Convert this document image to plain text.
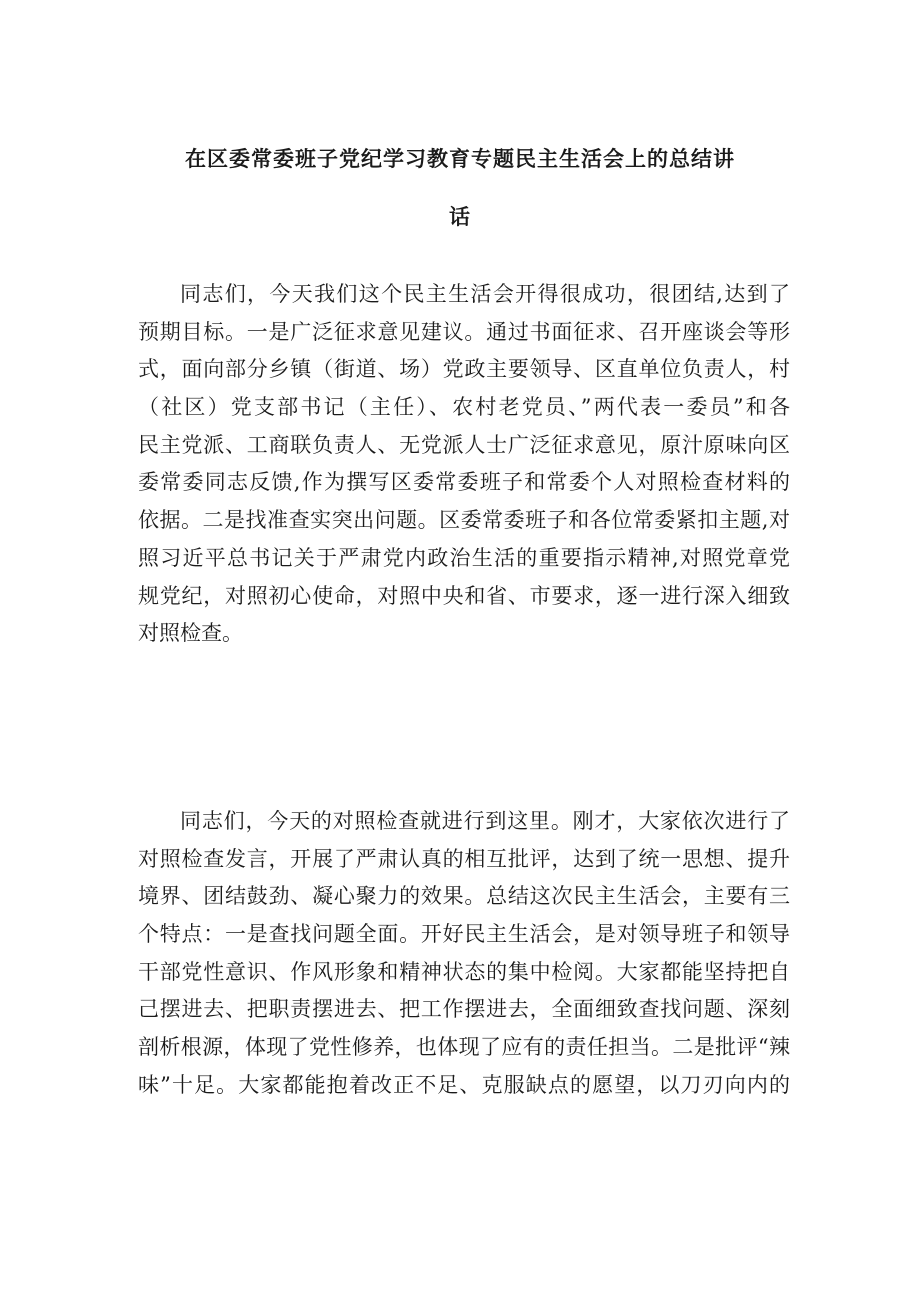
在区委常委班子党纪学习教育专题民主生活会上的总结讲
话
同志们，今天我们这个民主生活会开得很成功，很团结,达到了
预期目标。一是广泛征求意见建议。通过书面征求、召开座谈会等形
式，面向部分乡镇（街道、场）党政主要领导、区直单位负责人，村
（社区）党支部书记（主任）、农村老党员、”两代表一委员”和各
民主党派、工商联负责人、无党派人士广泛征求意见，原汁原味向区
委常委同志反馈,作为撰写区委常委班子和常委个人对照检查材料的
依据。二是找准查实突出问题。区委常委班子和各位常委紧扣主题,对
照习近平总书记关于严肃党内政治生活的重要指示精神,对照党章党
规党纪，对照初心使命，对照中央和省、市要求，逐一进行深入细致
对照检查。
同志们，今天的对照检查就进行到这里。刚才，大家依次进行了
对照检查发言，开展了严肃认真的相互批评，达到了统一思想、提升
境界、团结鼓劲、凝心聚力的效果。总结这次民主生活会，主要有三
个特点：一是查找问题全面。开好民主生活会，是对领导班子和领导
干部党性意识、作风形象和精神状态的集中检阅。大家都能坚持把自
己摆进去、把职责摆进去、把工作摆进去，全面细致查找问题、深刻
剖析根源，体现了党性修养，也体现了应有的责任担当。二是批评“辣
味”十足。大家都能抱着改正不足、克服缺点的愿望，以刀刃向内的
